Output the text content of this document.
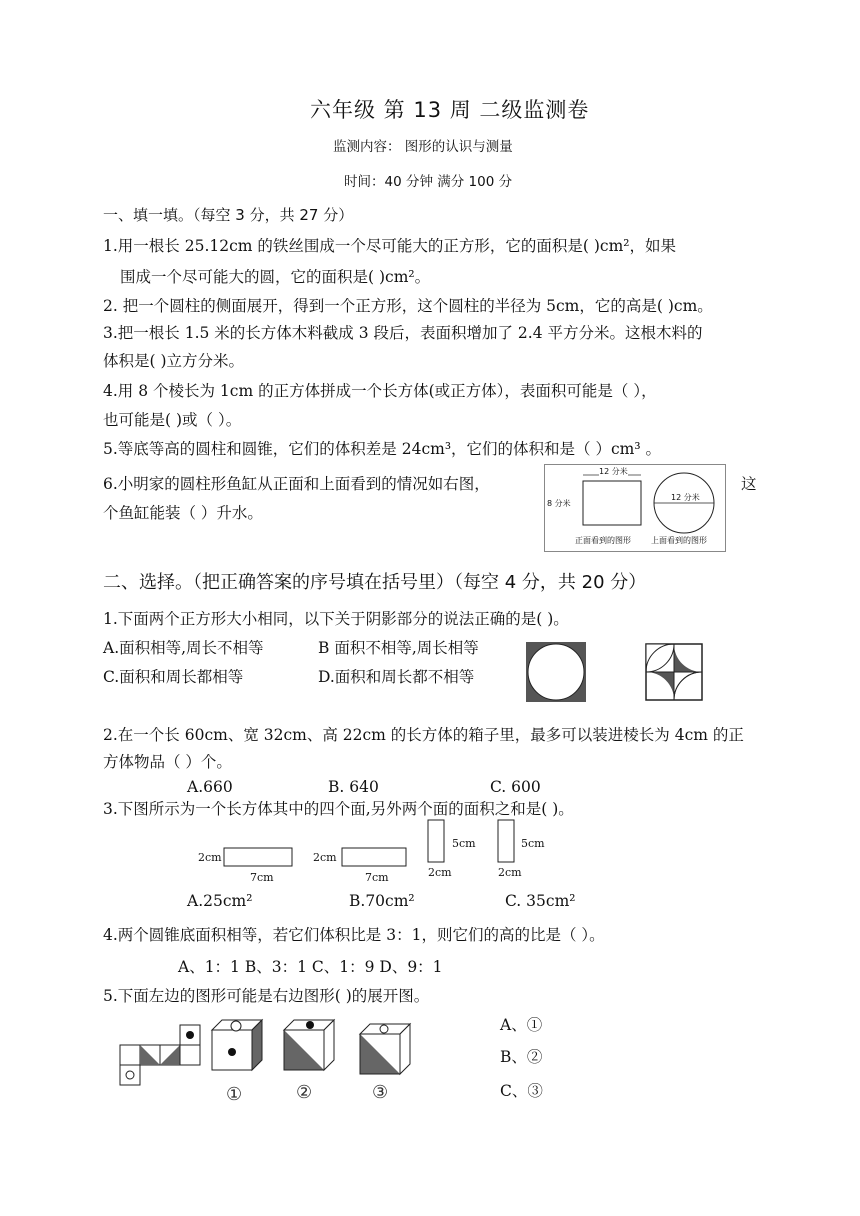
六年级 第 13 周 二级监测卷
监测内容： 图形的认识与测量
时间：40 分钟 满分 100 分
一、填一填。（每空 3 分，共 27 分）
1.用一根长 25.12cm 的铁丝围成一个尽可能大的正方形，它的面积是( )cm²，如果
围成一个尽可能大的圆，它的面积是( )cm²。
2. 把一个圆柱的侧面展开，得到一个正方形，这个圆柱的半径为 5cm，它的高是( )cm。
3.把一根长 1.5 米的长方体木料截成 3 段后，表面积增加了 2.4 平方分米。这根木料的
体积是( )立方分米。
4.用 8 个棱长为 1cm 的正方体拼成一个长方体(或正方体），表面积可能是（ ），
也可能是( )或（ ）。
5.等底等高的圆柱和圆锥，它们的体积差是 24cm³，它们的体积和是（ ）cm³ 。
6.小明家的圆柱形鱼缸从正面和上面看到的情况如右图，	这
个鱼缸能装（ ）升水。
12 分米
8 分米
12 分米
正面看到的图形	上面看到的图形
二、选择。（把正确答案的序号填在括号里）（每空 4 分，共 20 分）
1.下面两个正方形大小相同，以下关于阴影部分的说法正确的是( )。
A.面积相等,周长不相等	B 面积不相等,周长相等
C.面积和周长都相等	D.面积和周长都不相等
2.在一个长 60cm、宽 32cm、高 22cm 的长方体的箱子里，最多可以装进棱长为 4cm 的正
方体物品（ ）个。
A.660	B. 640	C. 600
3.下图所示为一个长方体其中的四个面,另外两个面的面积之和是( )。
2cm
7cm
2cm
7cm
5cm
2cm
5cm
2cm
A.25cm²	B.70cm²	C. 35cm²
4.两个圆锥底面积相等，若它们体积比是 3：1，则它们的高的比是（ ）。
A、1：1 B、3：1 C、1：9 D、9：1
5.下面左边的图形可能是右边图形( )的展开图。
A、①
B、②
C、③
①	②	③
